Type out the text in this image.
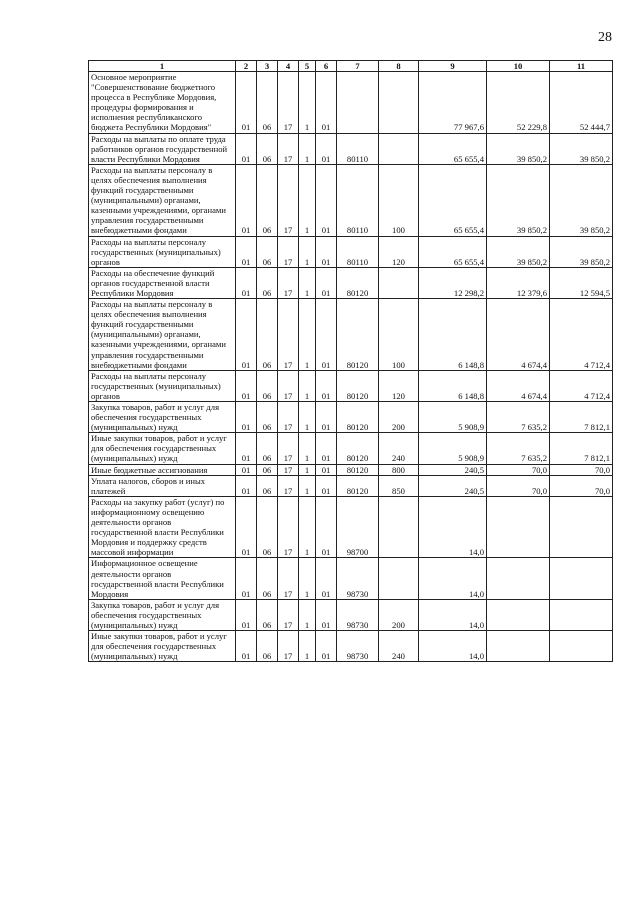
28
1	2	3	4	5	6	7	8	9	10	11
Основное мероприятие "Совершенствование бюджетного процесса в Республике Мордовия, процедуры формирования и исполнения республиканского бюджета Республики Мордовия"	01	06	17	1	01			77 967,6	52 229,8	52 444,7
Расходы на выплаты по оплате труда работников органов государственной власти Республики Мордовия	01	06	17	1	01	80110		65 655,4	39 850,2	39 850,2
Расходы на выплаты персоналу в целях обеспечения выполнения функций государственными (муниципальными) органами, казенными учреждениями, органами управления государственными внебюджетными фондами	01	06	17	1	01	80110	100	65 655,4	39 850,2	39 850,2
Расходы на выплаты персоналу государственных (муниципальных) органов	01	06	17	1	01	80110	120	65 655,4	39 850,2	39 850,2
Расходы на обеспечение функций органов государственной власти Республики Мордовия	01	06	17	1	01	80120		12 298,2	12 379,6	12 594,5
Расходы на выплаты персоналу в целях обеспечения выполнения функций государственными (муниципальными) органами, казенными учреждениями, органами управления государственными внебюджетными фондами	01	06	17	1	01	80120	100	6 148,8	4 674,4	4 712,4
Расходы на выплаты персоналу государственных (муниципальных) органов	01	06	17	1	01	80120	120	6 148,8	4 674,4	4 712,4
Закупка товаров, работ и услуг для обеспечения государственных (муниципальных) нужд	01	06	17	1	01	80120	200	5 908,9	7 635,2	7 812,1
Иные закупки товаров, работ и услуг для обеспечения государственных (муниципальных) нужд	01	06	17	1	01	80120	240	5 908,9	7 635,2	7 812,1
Иные бюджетные ассигнования	01	06	17	1	01	80120	800	240,5	70,0	70,0
Уплата налогов, сборов и иных платежей	01	06	17	1	01	80120	850	240,5	70,0	70,0
Расходы на закупку работ (услуг) по информационному освещению деятельности органов государственной власти Республики Мордовия и поддержку средств массовой информации	01	06	17	1	01	98700		14,0		
Информационное освещение деятельности органов государственной власти Республики Мордовия	01	06	17	1	01	98730		14,0		
Закупка товаров, работ и услуг для обеспечения государственных (муниципальных) нужд	01	06	17	1	01	98730	200	14,0		
Иные закупки товаров, работ и услуг для обеспечения государственных (муниципальных) нужд	01	06	17	1	01	98730	240	14,0		
